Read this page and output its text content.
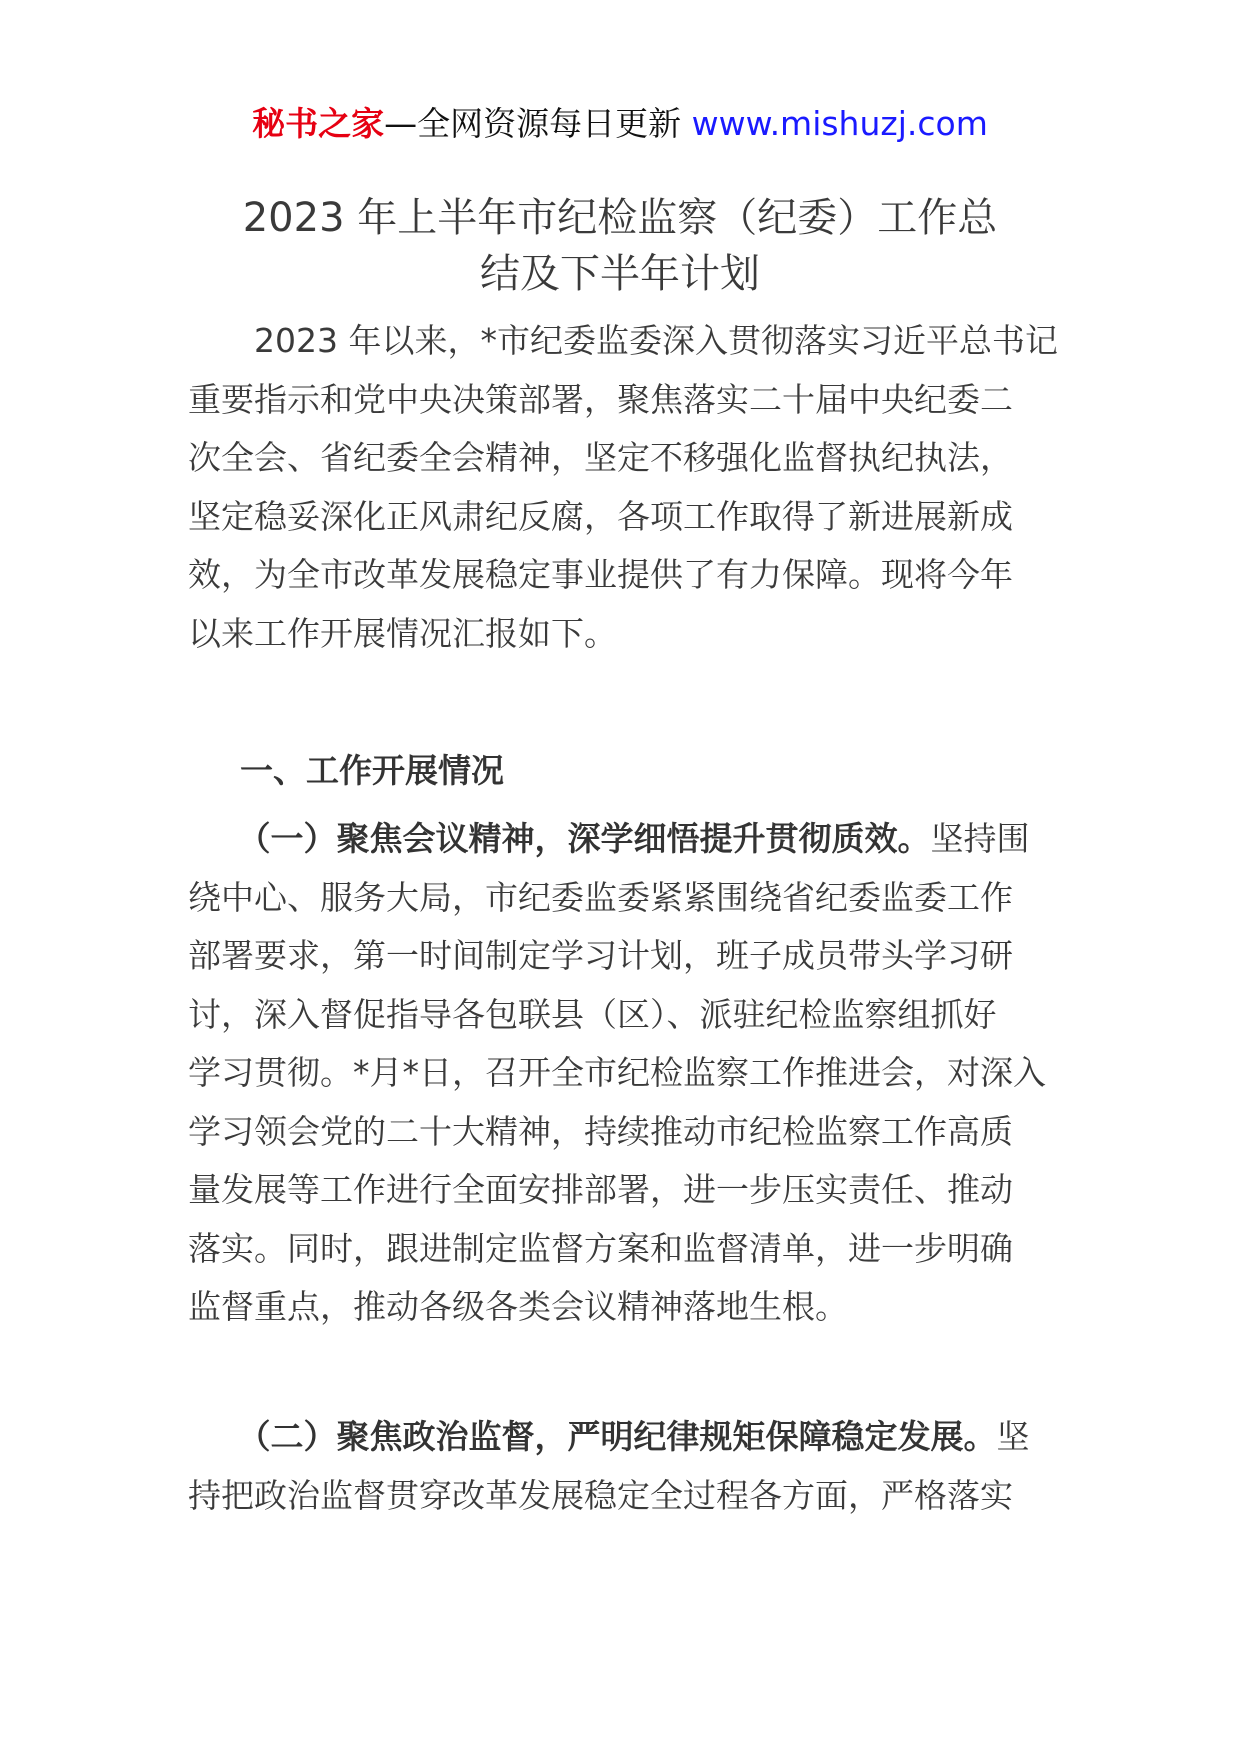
秘书之家—全网资源每日更新 www.mishuzj.com
2023 年上半年市纪检监察（纪委）工作总
结及下半年计划
　　2023 年以来，*市纪委监委深入贯彻落实习近平总书记
重要指示和党中央决策部署，聚焦落实二十届中央纪委二
次全会、省纪委全会精神，坚定不移强化监督执纪执法，
坚定稳妥深化正风肃纪反腐，各项工作取得了新进展新成
效，为全市改革发展稳定事业提供了有力保障。现将今年
以来工作开展情况汇报如下。
一、工作开展情况
　　（一）聚焦会议精神，深学细悟提升贯彻质效。坚持围
绕中心、服务大局，市纪委监委紧紧围绕省纪委监委工作
部署要求，第一时间制定学习计划，班子成员带头学习研
讨，深入督促指导各包联县（区）、派驻纪检监察组抓好
学习贯彻。*月*日，召开全市纪检监察工作推进会，对深入
学习领会党的二十大精神，持续推动市纪检监察工作高质
量发展等工作进行全面安排部署，进一步压实责任、推动
落实。同时，跟进制定监督方案和监督清单，进一步明确
监督重点，推动各级各类会议精神落地生根。
　　（二）聚焦政治监督，严明纪律规矩保障稳定发展。坚
持把政治监督贯穿改革发展稳定全过程各方面，严格落实
